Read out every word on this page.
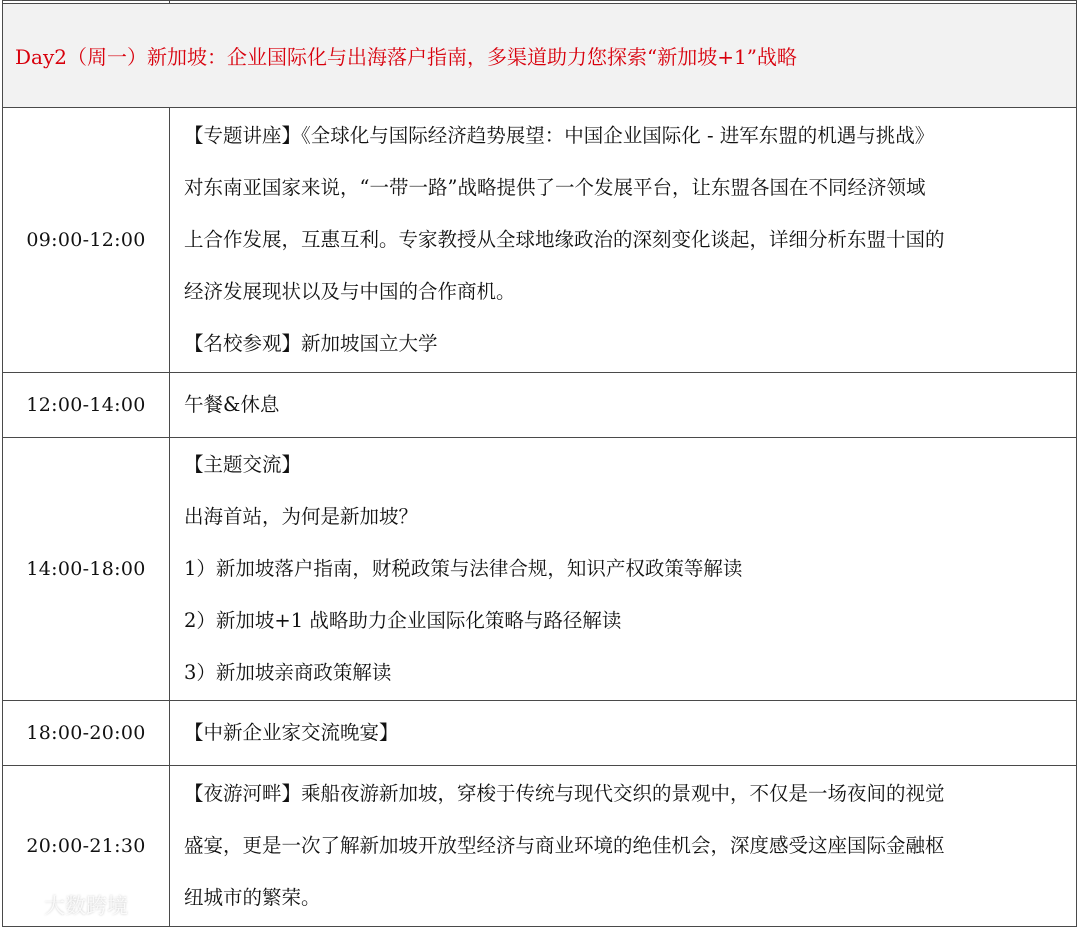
Day2（周一）新加坡：企业国际化与出海落户指南，多渠道助力您探索“新加坡+1”战略	
09:00-12:00	【专题讲座】《全球化与国际经济趋势展望：中国企业国际化 - 进军东盟的机遇与挑战》
对东南亚国家来说，“一带一路”战略提供了一个发展平台，让东盟各国在不同经济领域
上合作发展，互惠互利。专家教授从全球地缘政治的深刻变化谈起，详细分析东盟十国的
经济发展现状以及与中国的合作商机。
【名校参观】新加坡国立大学

12:00-14:00	午餐&休息

14:00-18:00	【主题交流】
出海首站，为何是新加坡？
1）新加坡落户指南，财税政策与法律合规，知识产权政策等解读
2）新加坡+1 战略助力企业国际化策略与路径解读
3）新加坡亲商政策解读

18:00-20:00	【中新企业家交流晚宴】

20:00-21:30	【夜游河畔】乘船夜游新加坡，穿梭于传统与现代交织的景观中，不仅是一场夜间的视觉
盛宴，更是一次了解新加坡开放型经济与商业环境的绝佳机会，深度感受这座国际金融枢
纽城市的繁荣。
大数跨境
